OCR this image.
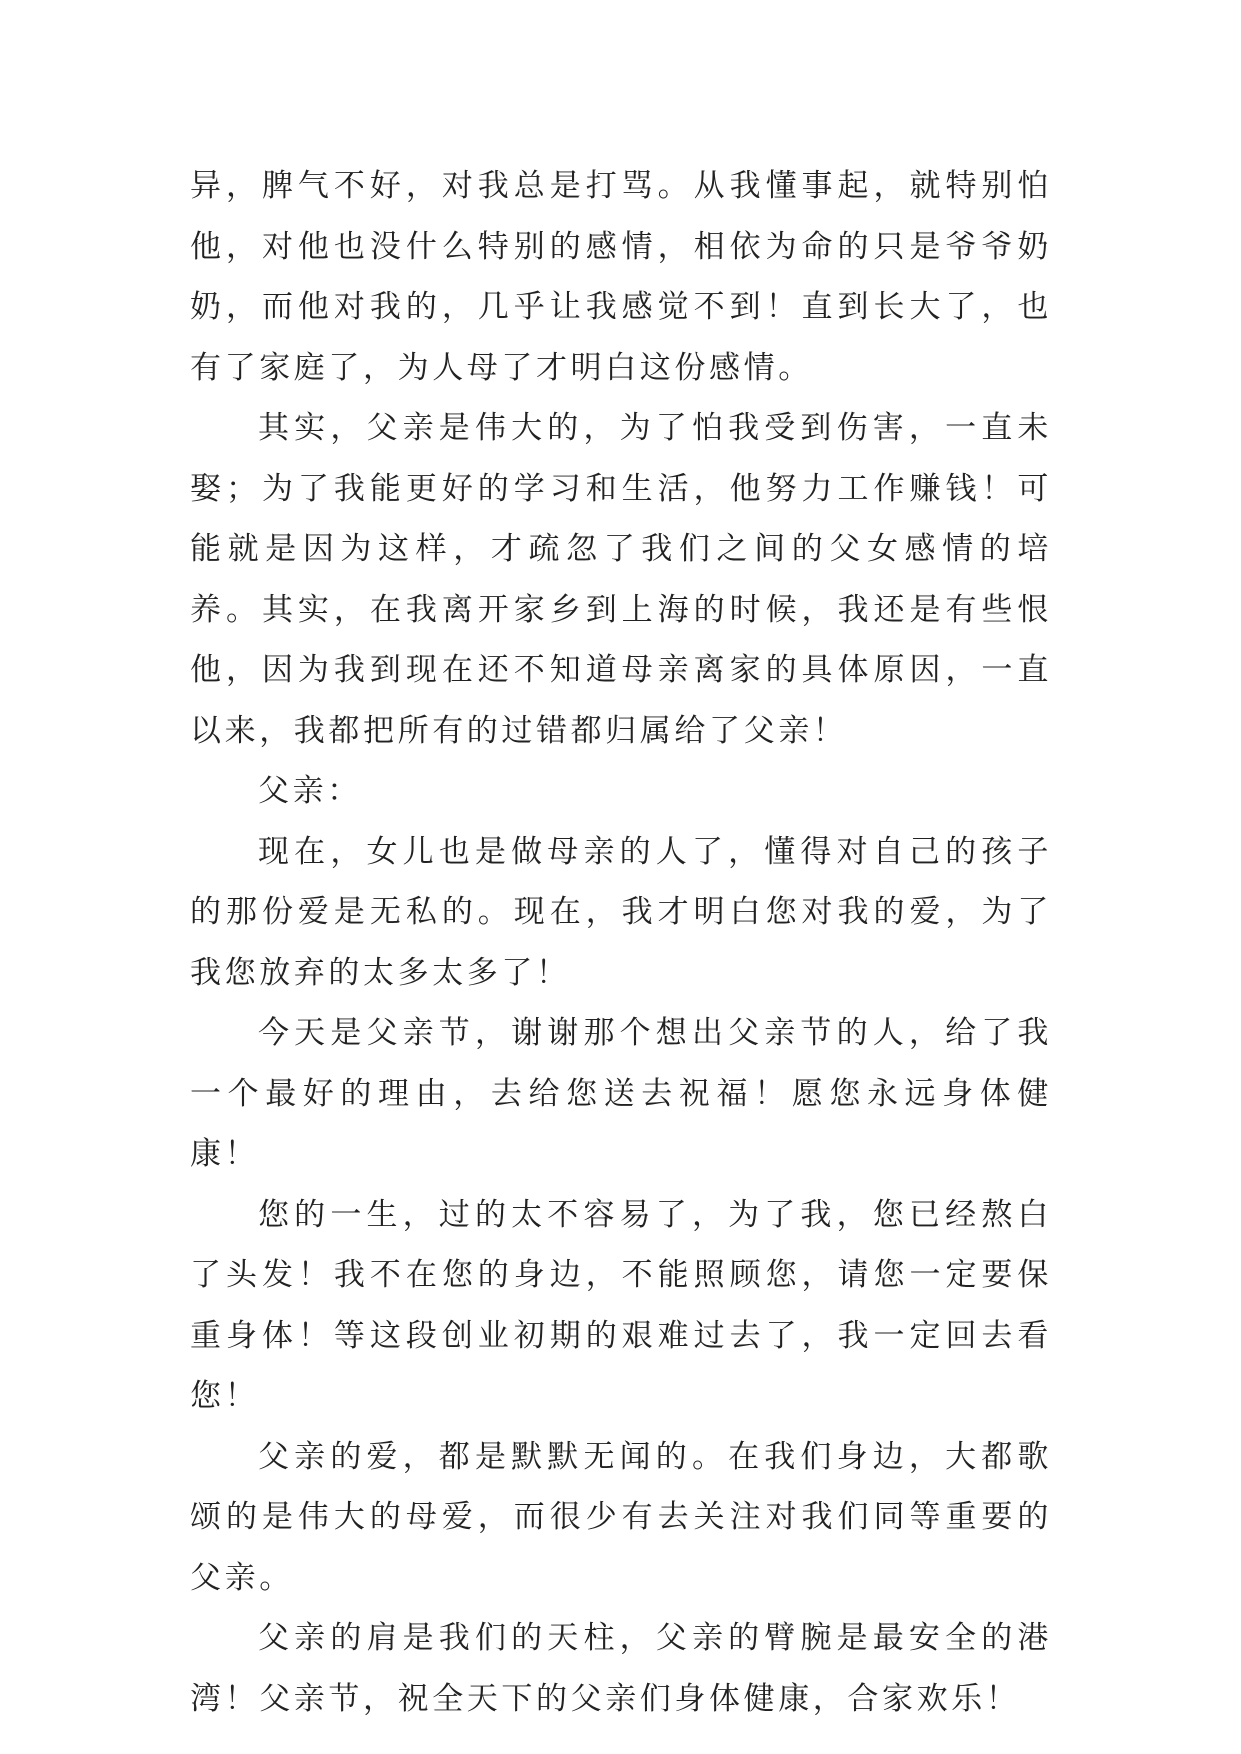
异，脾气不好，对我总是打骂。从我懂事起，就特别怕他，对他也没什么特别的感情，相依为命的只是爷爷奶奶，而他对我的，几乎让我感觉不到！直到长大了，也有了家庭了，为人母了才明白这份感情。

其实，父亲是伟大的，为了怕我受到伤害，一直未娶；为了我能更好的学习和生活，他努力工作赚钱！可能就是因为这样，才疏忽了我们之间的父女感情的培养。其实，在我离开家乡到上海的时候，我还是有些恨他，因为我到现在还不知道母亲离家的具体原因，一直以来，我都把所有的过错都归属给了父亲！

父亲：

现在，女儿也是做母亲的人了，懂得对自己的孩子的那份爱是无私的。现在，我才明白您对我的爱，为了我您放弃的太多太多了！

今天是父亲节，谢谢那个想出父亲节的人，给了我一个最好的理由，去给您送去祝福！愿您永远身体健康！

您的一生，过的太不容易了，为了我，您已经熬白了头发！我不在您的身边，不能照顾您，请您一定要保重身体！等这段创业初期的艰难过去了，我一定回去看您！

父亲的爱，都是默默无闻的。在我们身边，大都歌颂的是伟大的母爱，而很少有去关注对我们同等重要的父亲。

父亲的肩是我们的天柱，父亲的臂腕是最安全的港湾！父亲节，祝全天下的父亲们身体健康，合家欢乐！
